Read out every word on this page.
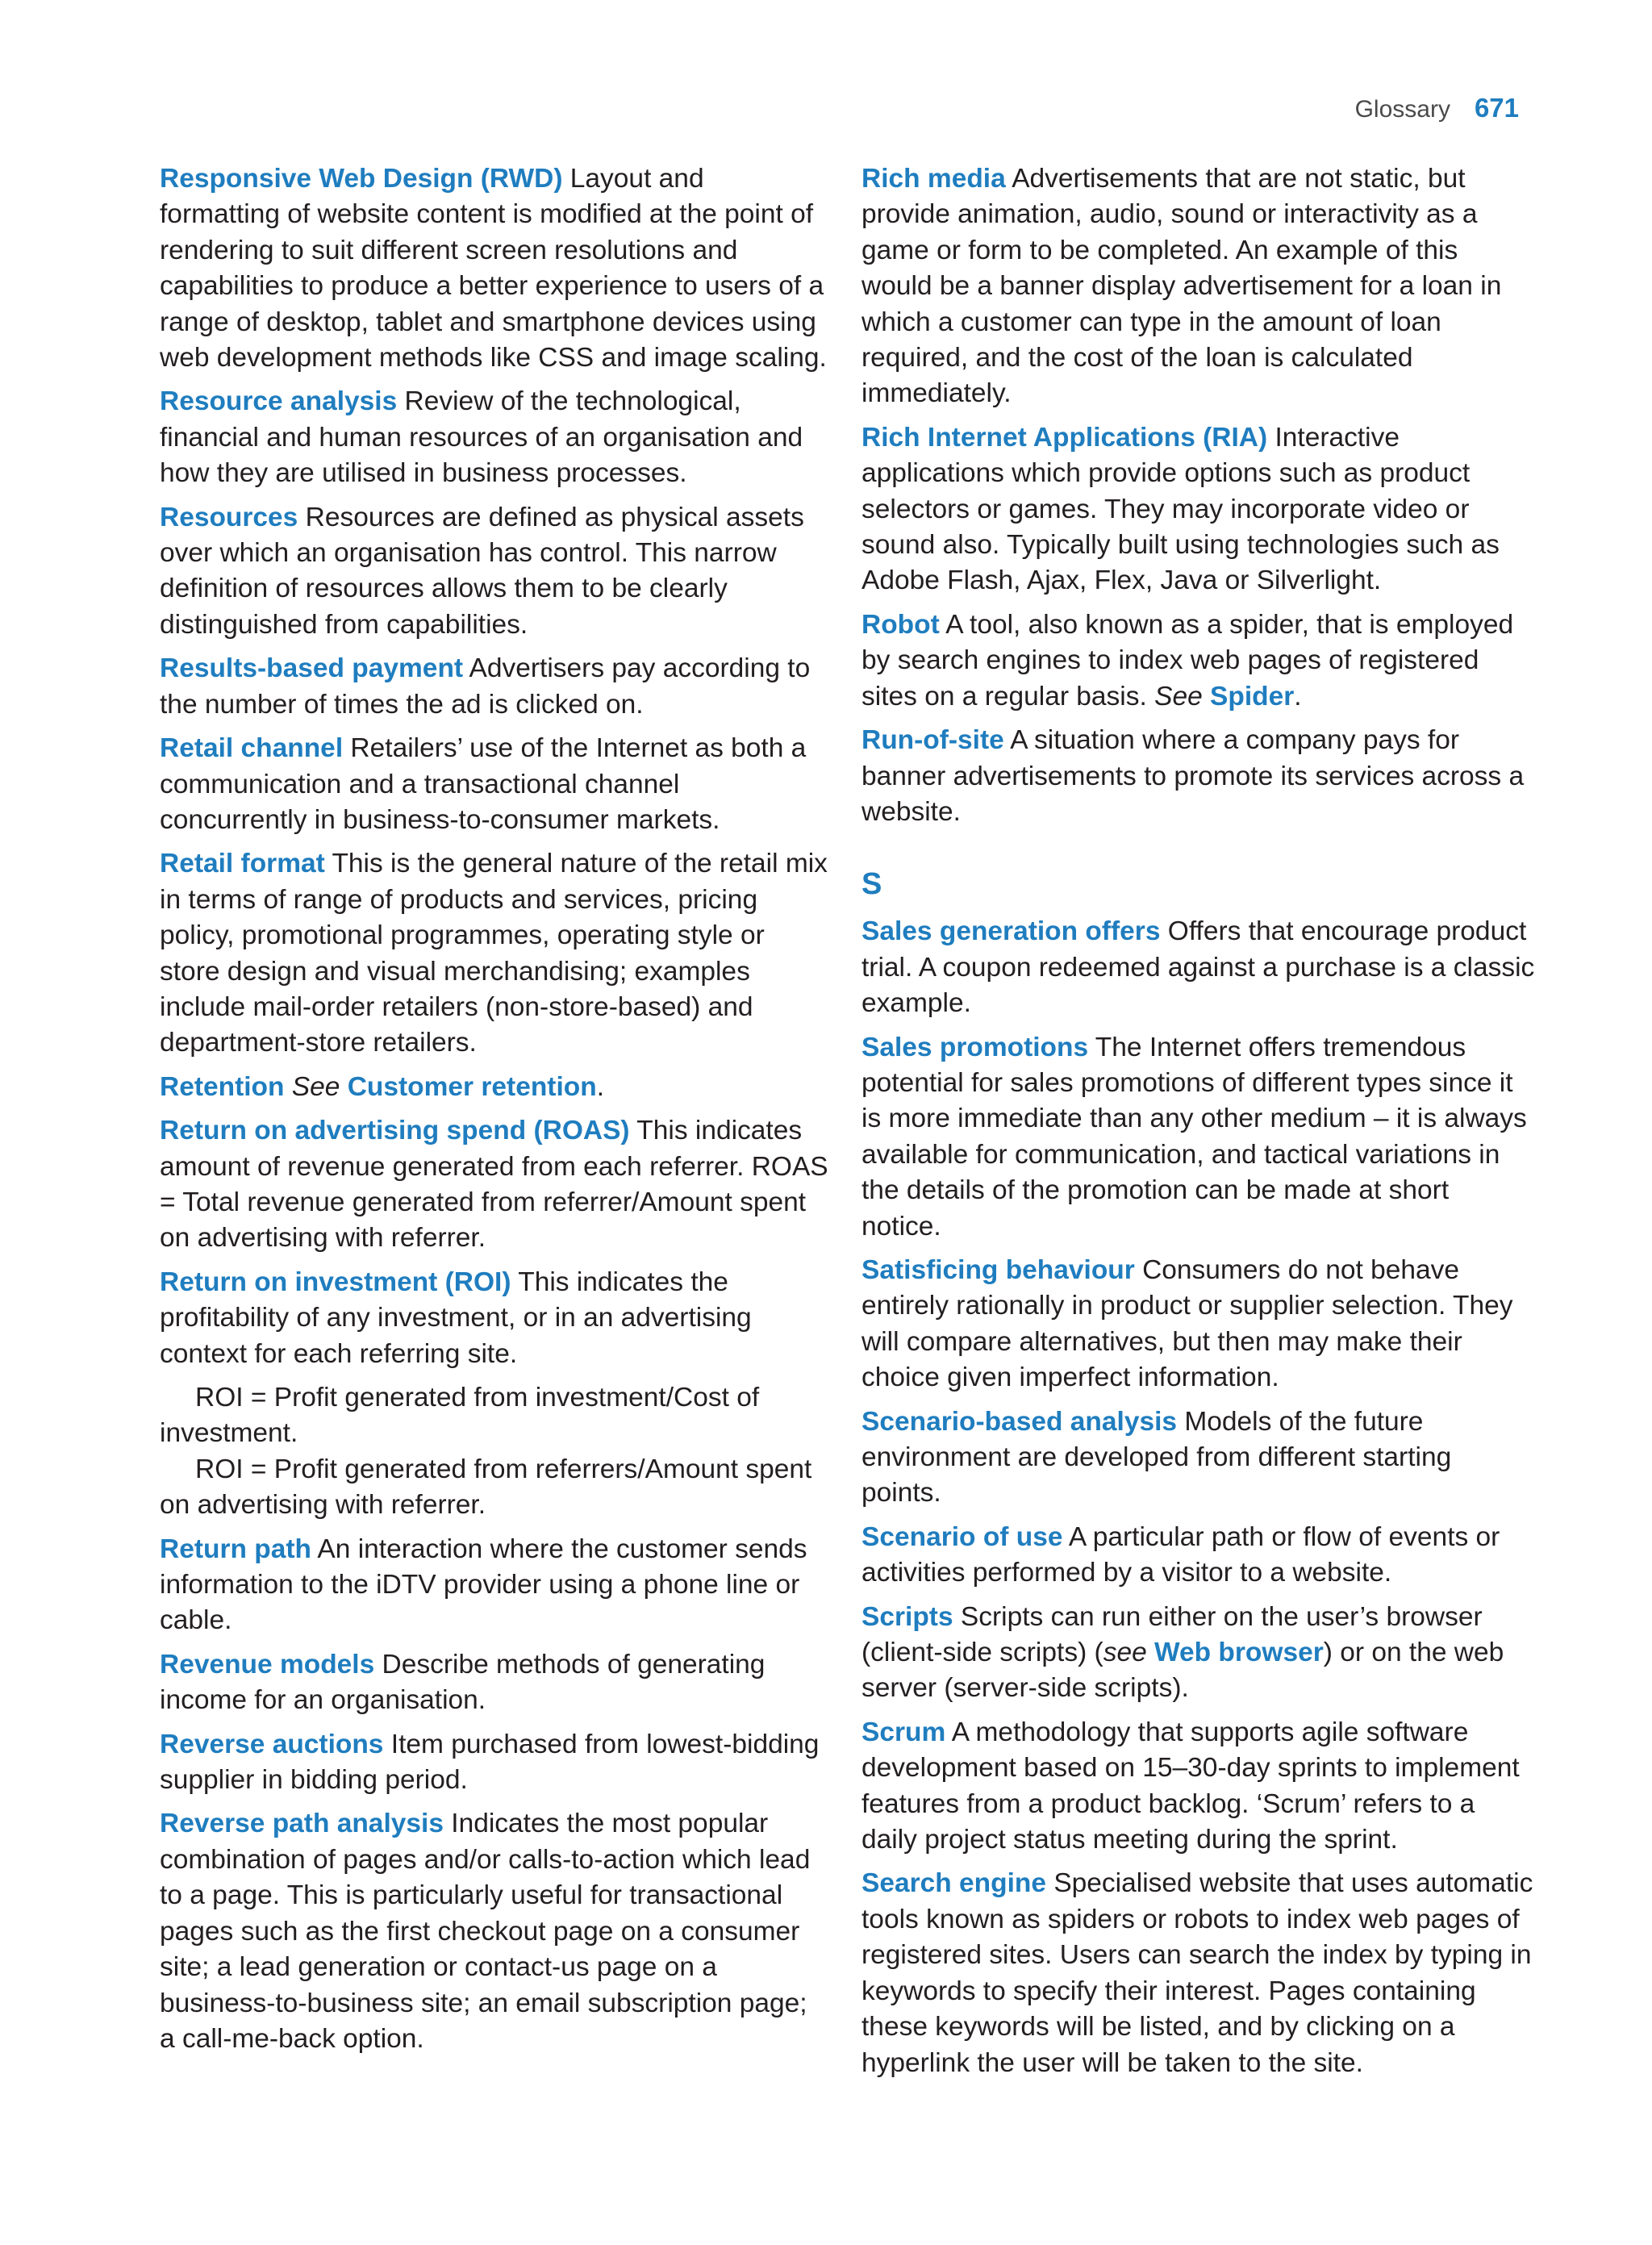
Glossary 671

Responsive Web Design (RWD) Layout and formatting of website content is modified at the point of rendering to suit different screen resolutions and capabilities to produce a better experience to users of a range of desktop, tablet and smartphone devices using web development methods like CSS and image scaling.

Resource analysis Review of the technological, financial and human resources of an organisation and how they are utilised in business processes.

Resources Resources are defined as physical assets over which an organisation has control. This narrow definition of resources allows them to be clearly distinguished from capabilities.

Results-based payment Advertisers pay according to the number of times the ad is clicked on.

Retail channel Retailers’ use of the Internet as both a communication and a transactional channel concurrently in business-to-consumer markets.

Retail format This is the general nature of the retail mix in terms of range of products and services, pricing policy, promotional programmes, operating style or store design and visual merchandising; examples include mail-order retailers (non-store-based) and department-store retailers.

Retention See Customer retention.

Return on advertising spend (ROAS) This indicates amount of revenue generated from each referrer. ROAS = Total revenue generated from referrer/Amount spent on advertising with referrer.

Return on investment (ROI) This indicates the profitability of any investment, or in an advertising context for each referring site.

ROI = Profit generated from investment/Cost of investment.

ROI = Profit generated from referrers/Amount spent on advertising with referrer.

Return path An interaction where the customer sends information to the iDTV provider using a phone line or cable.

Revenue models Describe methods of generating income for an organisation.

Reverse auctions Item purchased from lowest-bidding supplier in bidding period.

Reverse path analysis Indicates the most popular combination of pages and/or calls-to-action which lead to a page. This is particularly useful for transactional pages such as the first checkout page on a consumer site; a lead generation or contact-us page on a business-to-business site; an email subscription page; a call-me-back option.

Rich media Advertisements that are not static, but provide animation, audio, sound or interactivity as a game or form to be completed. An example of this would be a banner display advertisement for a loan in which a customer can type in the amount of loan required, and the cost of the loan is calculated immediately.

Rich Internet Applications (RIA) Interactive applications which provide options such as product selectors or games. They may incorporate video or sound also. Typically built using technologies such as Adobe Flash, Ajax, Flex, Java or Silverlight.

Robot A tool, also known as a spider, that is employed by search engines to index web pages of registered sites on a regular basis. See Spider.

Run-of-site A situation where a company pays for banner advertisements to promote its services across a website.

S

Sales generation offers Offers that encourage product trial. A coupon redeemed against a purchase is a classic example.

Sales promotions The Internet offers tremendous potential for sales promotions of different types since it is more immediate than any other medium – it is always available for communication, and tactical variations in the details of the promotion can be made at short notice.

Satisficing behaviour Consumers do not behave entirely rationally in product or supplier selection. They will compare alternatives, but then may make their choice given imperfect information.

Scenario-based analysis Models of the future environment are developed from different starting points.

Scenario of use A particular path or flow of events or activities performed by a visitor to a website.

Scripts Scripts can run either on the user’s browser (client-side scripts) (see Web browser) or on the web server (server-side scripts).

Scrum A methodology that supports agile software development based on 15–30-day sprints to implement features from a product backlog. ‘Scrum’ refers to a daily project status meeting during the sprint.

Search engine Specialised website that uses automatic tools known as spiders or robots to index web pages of registered sites. Users can search the index by typing in keywords to specify their interest. Pages containing these keywords will be listed, and by clicking on a hyperlink the user will be taken to the site.
